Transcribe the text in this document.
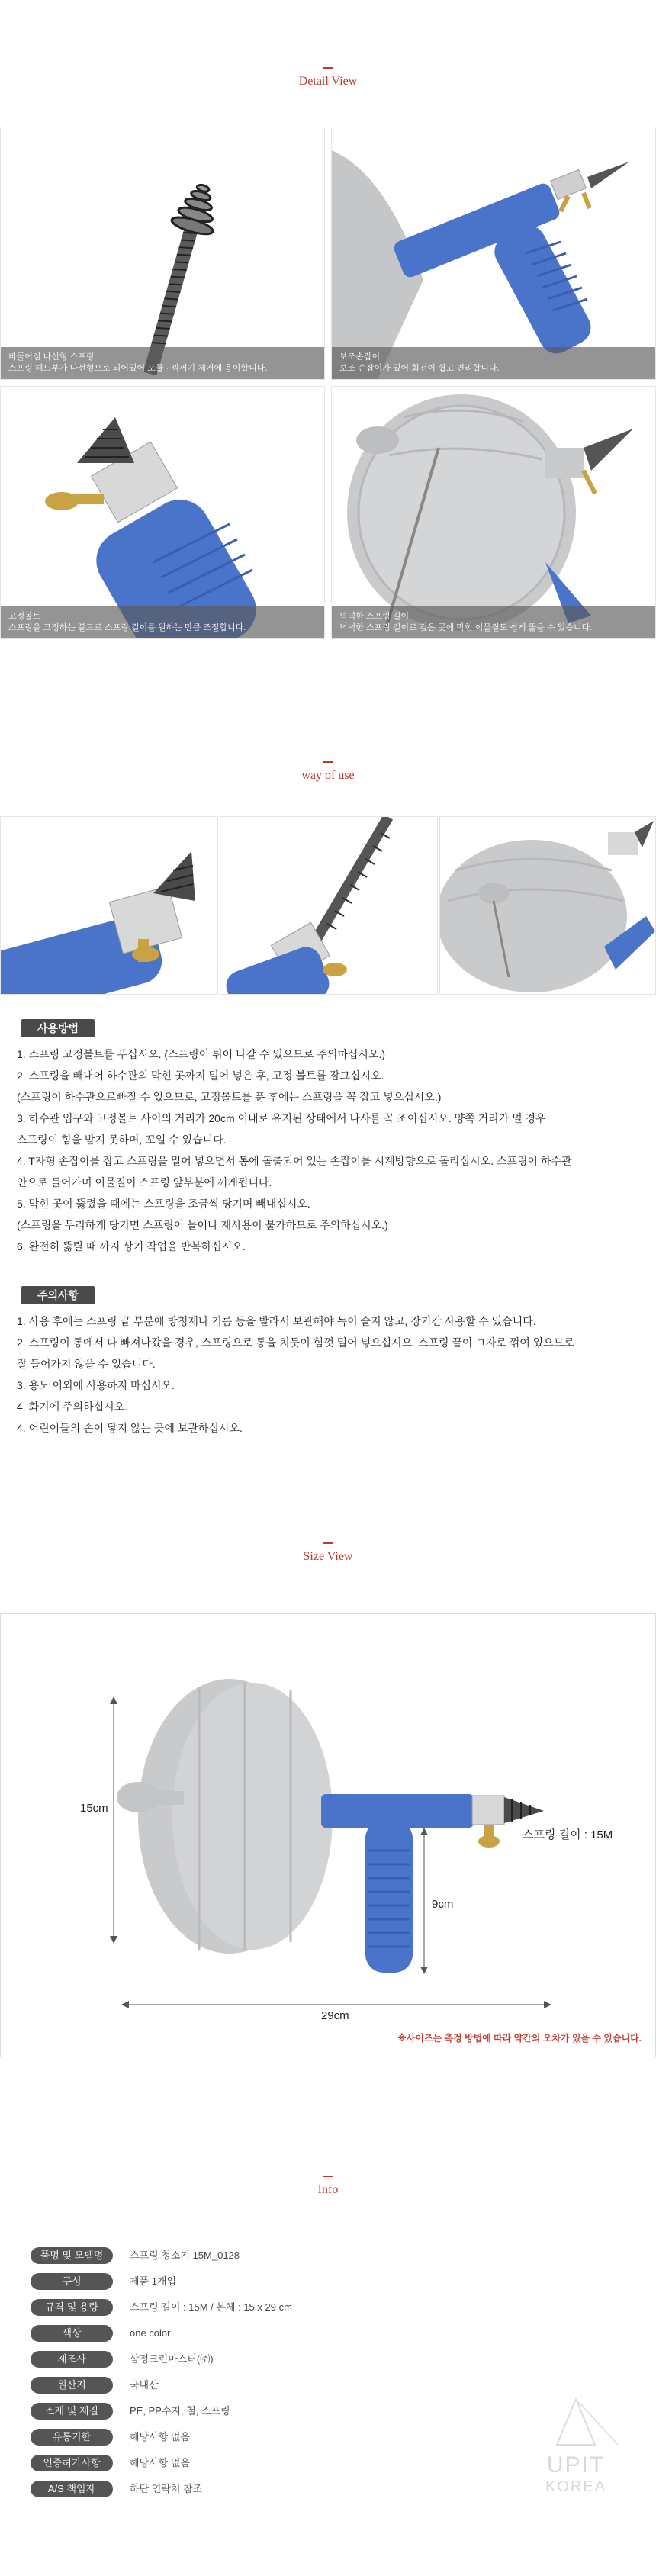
Detail View
비뚤어짐 나선형 스프링
스프링 헤드부가 나선형으로 되어있어 오물 · 찌꺼기 제거에 용이합니다.
보조손잡이
보조 손잡이가 있어 회전이 쉽고 편리합니다.
고정볼트
스프링을 고정하는 볼트로 스프링 길이를 원하는 만큼 조절합니다.
넉넉한 스프링 길이
넉넉한 스프링 길이로 깊은 곳에 막힌 이물질도 쉽게 뚫을 수 있습니다.
way of use
사용방법
1. 스프링 고정볼트를 푸십시오. (스프링이 튀어 나갈 수 있으므로 주의하십시오.)
2. 스프링을 빼내어 하수관의 막힌 곳까지 밀어 넣은 후, 고정 볼트를 잠그십시오.
(스프링이 하수관으로빠질 수 있으므로, 고정볼트를 푼 후에는 스프링을 꼭 잡고 넣으십시오.)
3. 하수관 입구와 고정볼트 사이의 거리가 20cm 이내로 유지된 상태에서 나사를 꼭 조이십시오. 양쪽 거리가 멀 경우
스프링이 힘을 받지 못하며, 꼬일 수 있습니다.
4. T자형 손잡이를 잡고 스프링을 밀어 넣으면서 통에 돌출되어 있는 손잡이를 시계방향으로 돌리십시오. 스프링이 하수관
안으로 들어가며 이물질이 스프링 앞부분에 끼게됩니다.
5. 막힌 곳이 뚫렸을 때에는 스프링을 조금씩 당기며 빼내십시오.
(스프링을 무리하게 당기면 스프링이 늘어나 재사용이 불가하므로 주의하십시오.)
6. 완전히 뚫릴 때 까지 상기 작업을 반복하십시오.
주의사항
1. 사용 후에는 스프링 끝 부분에 방청제나 기름 등을 발라서 보관해야 녹이 슬지 않고, 장기간 사용할 수 있습니다.
2. 스프링이 통에서 다 빠져나갔을 경우, 스프링으로 통을 치듯이 힘껏 밀어 넣으십시오. 스프링 끝이 ㄱ자로 꺾여 있으므로
잘 들어가지 않을 수 있습니다.
3. 용도 이외에 사용하지 마십시오.
4. 화기에 주의하십시오.
4. 어린이들의 손이 닿지 않는 곳에 보관하십시오.
Size View
15cm
스프링 길이 : 15M
9cm
29cm
※사이즈는 측정 방법에 따라 약간의 오차가 있을 수 있습니다.
Info
품명 및 모델명	스프링 청소기 15M_0128
구성	제품 1개입
규격 및 용량	스프링 길이 : 15M / 본체 : 15 x 29 cm
색상	one color
제조사	삼정크린마스터(㈜)
원산지	국내산
소재 및 재질	PE, PP수지, 철, 스프링
유통기한	해당사항 없음
인증허가사항	해당사항 없음
A/S 책임자	하단 연락처 참조
UPIT
KOREA
